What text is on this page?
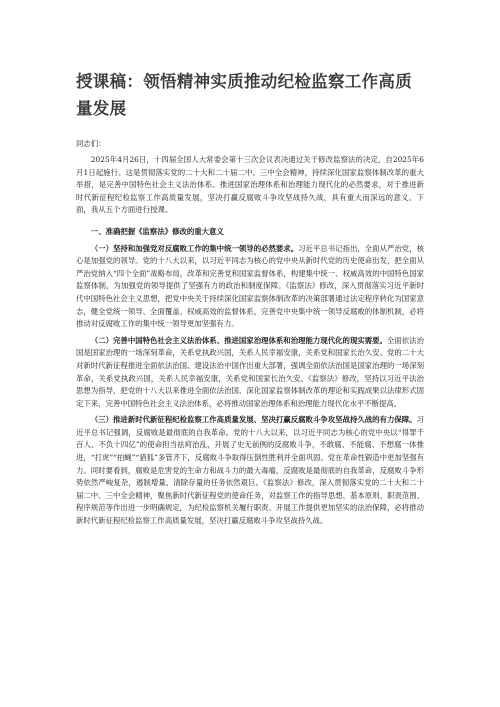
授课稿：领悟精神实质推动纪检监察工作高质量发展

同志们：

2025年4月26日，十四届全国人大常委会第十三次会议表决通过关于修改监察法的决定，自2025年6月1日起施行。这是贯彻落实党的二十大和二十届二中、三中全会精神，持续深化国家监察体制改革的重大举措，是完善中国特色社会主义法治体系、推进国家治理体系和治理能力现代化的必然要求，对于推进新时代新征程纪检监察工作高质量发展，坚决打赢反腐败斗争攻坚战持久战，具有重大而深远的意义。下面，我从五个方面进行授课。

一、准确把握《监察法》修改的重大意义

（一）坚持和加强党对反腐败工作的集中统一领导的必然要求。习近平总书记指出，全面从严治党，核心是加强党的领导。党的十八大以来，以习近平同志为核心的党中央从新时代党的历史使命出发，把全面从严治党纳入“四个全面”战略布局，改革和完善党和国家监督体系，构建集中统一、权威高效的中国特色国家监察体制，为加强党的领导提供了坚强有力的政治和制度保障。《监察法》修改，深入贯彻落实习近平新时代中国特色社会主义思想，把党中央关于持续深化国家监察体制改革的决策部署通过法定程序转化为国家意志，健全党统一领导、全面覆盖、权威高效的监督体系，完善党中央集中统一领导反腐败的体制机制，必将推动对反腐败工作的集中统一领导更加坚强有力。

（二）完善中国特色社会主义法治体系、推进国家治理体系和治理能力现代化的现实需要。全面依法治国是国家治理的一场深刻革命，关系党执政兴国，关系人民幸福安康，关系党和国家长治久安。党的二十大对新时代新征程推进全面依法治国、建设法治中国作出重大部署，强调全面依法治国是国家治理的一场深刻革命，关系党执政兴国，关系人民幸福安康，关系党和国家长治久安。《监察法》修改，坚持以习近平法治思想为指导，把党的十八大以来推进全面依法治国、深化国家监察体制改革的理论和实践成果以法律形式固定下来，完善中国特色社会主义法治体系，必将推动国家治理体系和治理能力现代化水平不断提高。

（三）推进新时代新征程纪检监察工作高质量发展、坚决打赢反腐败斗争攻坚战持久战的有力保障。习近平总书记强调，反腐败是最彻底的自我革命。党的十八大以来，以习近平同志为核心的党中央以“得罪千百人、不负十四亿”的使命担当祛疴治乱，开展了史无前例的反腐败斗争，不敢腐、不能腐、不想腐一体推进，“打虎”“拍蝇”“猎狐”多管齐下，反腐败斗争取得压倒性胜利并全面巩固。党在革命性锻造中更加坚强有力。同时要看到，腐败是危害党的生命力和战斗力的最大毒瘤，反腐败是最彻底的自我革命，反腐败斗争形势依然严峻复杂，遏制增量、清除存量的任务依然艰巨。《监察法》修改，深入贯彻落实党的二十大和二十届二中、三中全会精神，聚焦新时代新征程党的使命任务，对监察工作的指导思想、基本原则、职责范围、程序规范等作出进一步明确规定，为纪检监察机关履行职责、开展工作提供更加坚实的法治保障，必将推动新时代新征程纪检监察工作高质量发展，坚决打赢反腐败斗争攻坚战持久战。
